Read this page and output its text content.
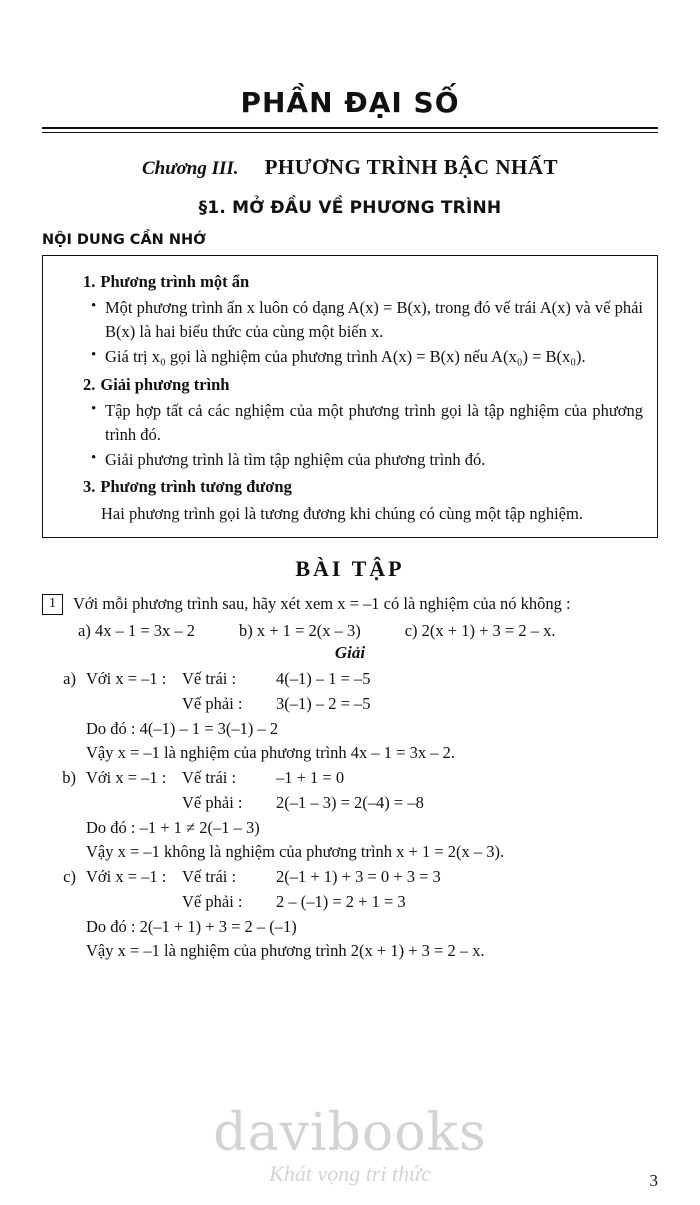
PHẦN ĐẠI SỐ
Chương III. PHƯƠNG TRÌNH BẬC NHẤT
§1. MỞ ĐẦU VỀ PHƯƠNG TRÌNH
NỘI DUNG CẦN NHỚ
1. Phương trình một ẩn
• Một phương trình ẩn x luôn có dạng A(x) = B(x), trong đó vế trái A(x) và vế phải B(x) là hai biểu thức của cùng một biến x.
• Giá trị x₀ gọi là nghiệm của phương trình A(x) = B(x) nếu A(x₀) = B(x₀).
2. Giải phương trình
• Tập hợp tất cả các nghiệm của một phương trình gọi là tập nghiệm của phương trình đó.
• Giải phương trình là tìm tập nghiệm của phương trình đó.
3. Phương trình tương đương
Hai phương trình gọi là tương đương khi chúng có cùng một tập nghiệm.
BÀI TẬP
1	Với mỗi phương trình sau, hãy xét xem x = –1 có là nghiệm của nó không :
a) 4x – 1 = 3x – 2	b) x + 1 = 2(x – 3)	c) 2(x + 1) + 3 = 2 – x.
Giải
a) Với x = –1 : Vế trái :	4(–1) – 1 = –5
Vế phải :	3(–1) – 2 = –5
Do đó : 4(–1) – 1 = 3(–1) – 2
Vậy x = –1 là nghiệm của phương trình 4x – 1 = 3x – 2.
b) Với x = –1 : Vế trái :	–1 + 1 = 0
Vế phải :	2(–1 – 3) = 2(–4) = –8
Do đó : –1 + 1 ≠ 2(–1 – 3)
Vậy x = –1 không là nghiệm của phương trình x + 1 = 2(x – 3).
c) Với x = –1 : Vế trái :	2(–1 + 1) + 3 = 0 + 3 = 3
Vế phải :	2 – (–1) = 2 + 1 = 3
Do đó : 2(–1 + 1) + 3 = 2 – (–1)
Vậy x = –1 là nghiệm của phương trình 2(x + 1) + 3 = 2 – x.
davibooks
Khát vọng tri thức	3
